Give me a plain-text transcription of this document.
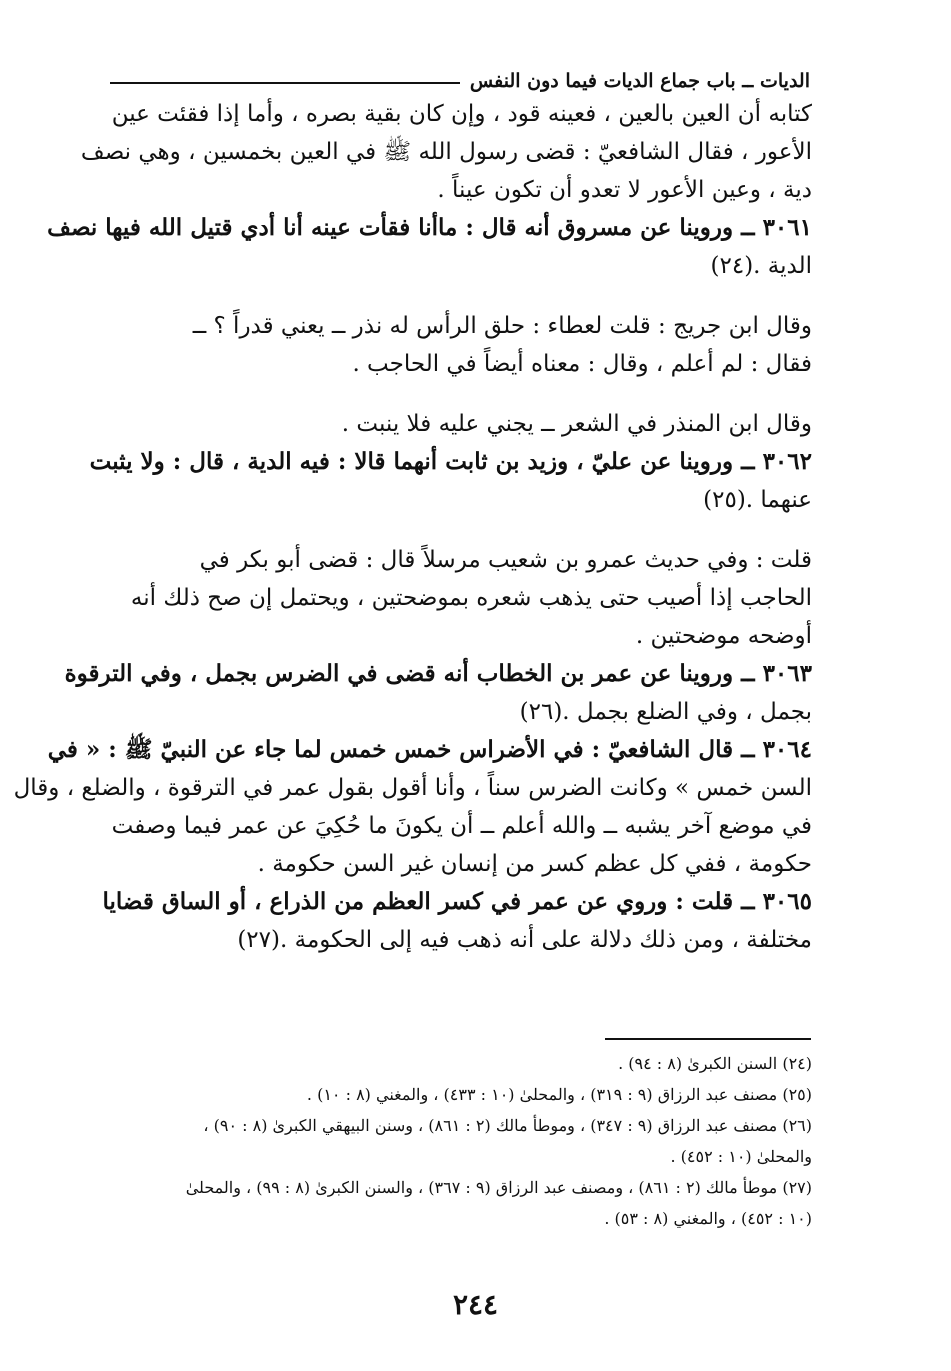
الديات ــ باب جماع الديات فيما دون النفس
كتابه أن العين بالعين ، فعينه قود ، وإن كان بقية بصره ، وأما إذا فقئت عين
الأعور ، فقال الشافعيّ : قضى رسول الله ﷺ في العين بخمسين ، وهي نصف
دية ، وعين الأعور لا تعدو أن تكون عيناً .
٣٠٦١ ــ وروينا عن مسروق أنه قال : ماأنا فقأت عينه أنا أدي قتيل الله فيها نصف
الدية .(٢٤)
وقال ابن جريج : قلت لعطاء : حلق الرأس له نذر ــ يعني قدراً ؟ ــ
فقال : لم أعلم ، وقال : معناه أيضاً في الحاجب .
وقال ابن المنذر في الشعر ــ يجني عليه فلا ينبت .
٣٠٦٢ ــ وروينا عن عليّ ، وزيد بن ثابت أنهما قالا : فيه الدية ، قال : ولا يثبت
عنهما .(٢٥)
قلت : وفي حديث عمرو بن شعيب مرسلاً قال : قضى أبو بكر في
الحاجب إذا أصيب حتى يذهب شعره بموضحتين ، ويحتمل إن صح ذلك أنه
أوضحه موضحتين .
٣٠٦٣ ــ وروينا عن عمر بن الخطاب أنه قضى في الضرس بجمل ، وفي الترقوة
بجمل ، وفي الضلع بجمل .(٢٦)
٣٠٦٤ ــ قال الشافعيّ : في الأضراس خمس خمس لما جاء عن النبيّ ﷺ : « في
السن خمس » وكانت الضرس سناً ، وأنا أقول بقول عمر في الترقوة ، والضلع ، وقال
في موضع آخر يشبه ــ والله أعلم ــ أن يكونَ ما حُكِيَ عن عمر فيما وصفت
حكومة ، ففي كل عظم كسر من إنسان غير السن حكومة .
٣٠٦٥ ــ قلت : وروي عن عمر في كسر العظم من الذراع ، أو الساق قضايا
مختلفة ، ومن ذلك دلالة على أنه ذهب فيه إلى الحكومة .(٢٧)
(٢٤) السنن الكبرىٰ (٨ : ٩٤) .
(٢٥) مصنف عبد الرزاق (٩ : ٣١٩) ، والمحلىٰ (١٠ : ٤٣٣) ، والمغني (٨ : ١٠) .
(٢٦) مصنف عبد الرزاق (٩ : ٣٤٧) ، وموطأ مالك (٢ : ٨٦١) ، وسنن البيهقي الكبرىٰ (٨ : ٩٠) ،
والمحلىٰ (١٠ : ٤٥٢) .
(٢٧) موطأ مالك (٢ : ٨٦١) ، ومصنف عبد الرزاق (٩ : ٣٦٧) ، والسنن الكبرىٰ (٨ : ٩٩) ، والمحلىٰ
(١٠ : ٤٥٢) ، والمغني (٨ : ٥٣) .
٢٤٤
